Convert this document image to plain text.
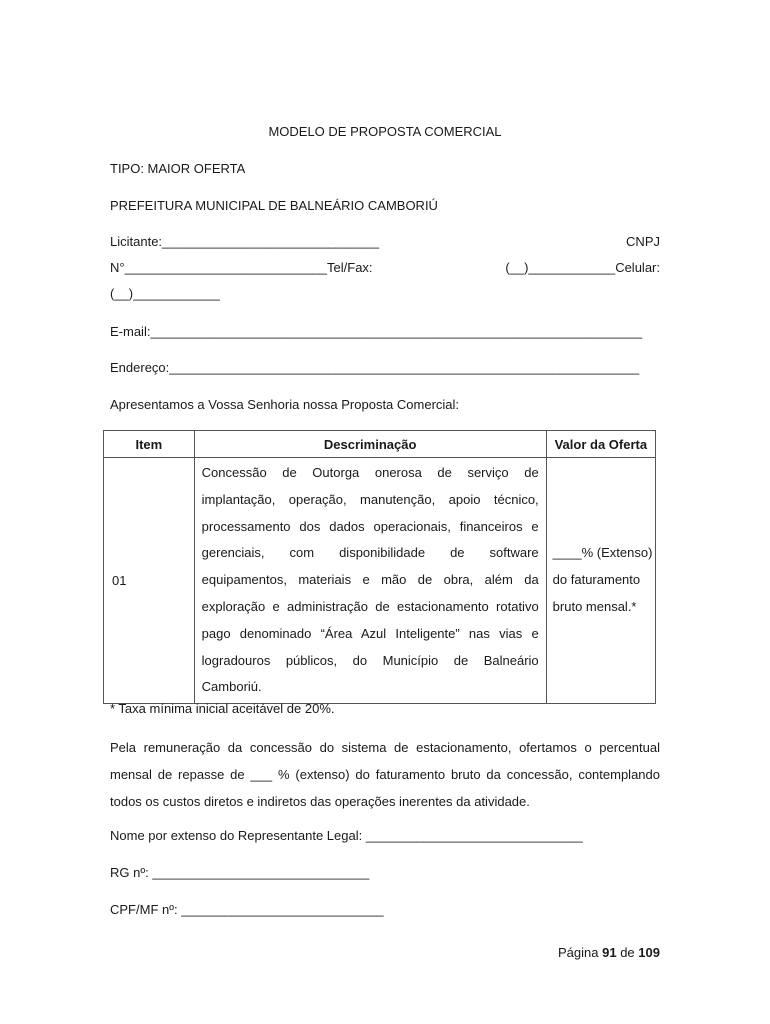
MODELO DE PROPOSTA COMERCIAL
TIPO: MAIOR OFERTA
PREFEITURA MUNICIPAL DE BALNEÁRIO CAMBORIÚ
Licitante:______________________________	CNPJ
N°____________________________Tel/Fax:	(__)____________Celular:
(__)____________
E-mail:____________________________________________________________________
Endereço:_________________________________________________________________
Apresentamos a Vossa Senhoria nossa Proposta Comercial:
Item	Descriminação	Valor da Oferta
01	Concessão de Outorga onerosa de serviço de implantação, operação, manutenção, apoio técnico, processamento dos dados operacionais, financeiros e gerenciais, com disponibilidade de software equipamentos, materiais e mão de obra, além da exploração e administração de estacionamento rotativo pago denominado “Área Azul Inteligente” nas vias e logradouros públicos, do Município de Balneário Camboriú.	____% (Extenso) do faturamento bruto mensal.*
* Taxa mínima inicial aceitável de 20%.
Pela remuneração da concessão do sistema de estacionamento, ofertamos o percentual mensal de repasse de ___ % (extenso) do faturamento bruto da concessão, contemplando todos os custos diretos e indiretos das operações inerentes da atividade.
Nome por extenso do Representante Legal: ______________________________
RG nº: ______________________________
CPF/MF nº: ____________________________
Página 91 de 109
